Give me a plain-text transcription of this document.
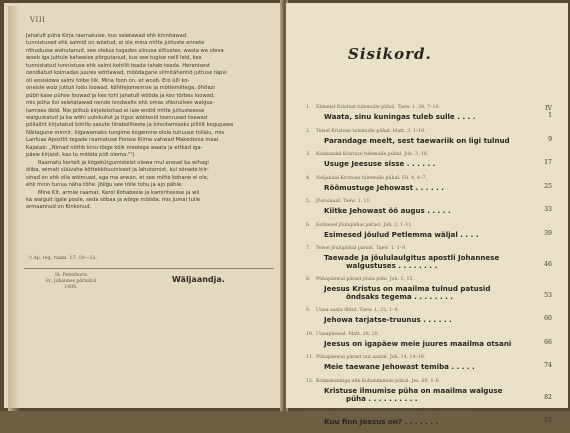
VIII
Jahatuß püha Kirja raamatuise, kus seletawad ehk kinnitawad
tunnistused ehk salmid on wõetud, ei ole mina mitte juttuste ennete
rõhudusse wahutanud, see olekus tagades siinuse elitustes, wasta wa oleva
woeb iga juttule kahewise põrgutanud, kus see tugise nelli leid, kes
tunnistatud tunnistuse ehk salmi kohtlit teada tahab teada. Heranisest
oendlatud kolmadas juures wõttawad, mõõdagane silmitähenhõ juttuse täpvi
oli eosisiowa salmi tolbe liik. Mina foon on, et wceb. Ero ülli ko-
oneisle wolz juttuli lodu loowad, kõhtlejomemise ja mõtlemiltega, õhtlezi
pübli kase pühse loowad ja kes tohl jahatuß wõõda ja kes tõrbes loowad,
mis püha ilol seletatawad nende lendwalts ehk omas sfäsrulises walgus-
tamises õbld. Nia piiltub kirjelekohad ei laie endid mitte juttusteesse
walgustatud ja ka wõhi uuhikullut ja tigus wõiitesid teenrused teewad
pöllailht kirjutatud kohtlo sasute tiiraboliheste ja kinnitamiseks pillõlt kogupawa
Näitagune minnir, õigawamaks tungime kogemine olola tuhuuse tollalu, mis
Lanfuas Apostlit tegade raamatuse Porose Kiima vahwad Makedonia maal
Kajatab: „Nimad nõthb kinu tõige kõik meelega waata ja ettkad iga-
päew kirjaist, kas ta mõõda pidi olema."¹)
Raamatu kertelt ja kõgekütgumisteist olewa mul enesel ka wihagi
õiiba, wimati süüvaha kõttekkituuinisest ja lahutamist, kui sõnade kiir-
sinad on ehk olla wõimuad, aga ma arwan, et see mitte kohane ei ole,
ehk minn tunua näha tõhe. Jõilgu see tõlle tohu ja ajo pähle.
Mine Kit, armiw raamat, Kerol Kohabesie ja kamiriteesse ja wii
ka walguit igale poole, seda söbaa ja wõige mõõda, mis Jumal tulle
ormaannud on Kinkonud.
¹) Ap. teg. raam. 17. 10—12.
St. Peterburis
Er. Johannes põrnatul
1900.
Wäljaandja.
Sisikord.
1. Elimeist Kristust tulemulle pühal. Taew. 1. 24, 7–10.	IV
Waata, sinu kuningas tuleb sulle . . . .	1
2. Teisel Kristuse tulemulle pühal. Matt. 3, 1–10.
Parandage meelt, sest taewariik on ligi tulnud	9
3. Kolmandal Kristuse tulemulle pühal. Joh. 3, 16.
Usuge Jeesuse sisse . . . . . .	17
4. Neljandal Kristuse tulemulle pühal. Fil. 4, 4–7.
Rõõmustuge Jehowast . . . . . .	25
5. Jõululaual. Taew. 1. 11.
Kiitke Jehowast õõ augus . . . . .	33
6. Esimesel jõulupühal pärast. Joh. 2, 1–11.
Esimesed jõulud Petlemma wäljal . . . .	39
7. Teisel jõulupühal pärast. Taew. 1. 1–9.
Taewade Ja jõululaulgitus apostli Johannese
walgustuses . . . . . . . .	46
8. Pühapäewal pärast jõulu pühi. Joh. 1, 15.
Jeesus Kristus on maailma tulnud patusid
õndsaks tegema . . . . . . . .	53
9. Uuaa aasta õhtul. Taew. 1. 22, 1–4.
Jehowa tarjatse-truunus . . . . . .	60
10. Uuaapäewal. Matt. 28, 20.
Jeesus on igapäew meie juures maailma otsani	66
11. Pühapäewal pärast uut aastat. Joh. 14, 14–18.
Meie taewane Jehowast temiba . . . . .	74
12. Kolmekuninga ehk Kohandamise pühal. Jes. 60, 1–6.
Kristuse ilmumise püha on maailma walguse
püha . . . . . . . . . .	82
13. Esimesel pühapäewal pärast kolmekuninga päewa. Luuk. 2, 41–52.
Kuu finn Jeesus on? . . . . . . .	92
